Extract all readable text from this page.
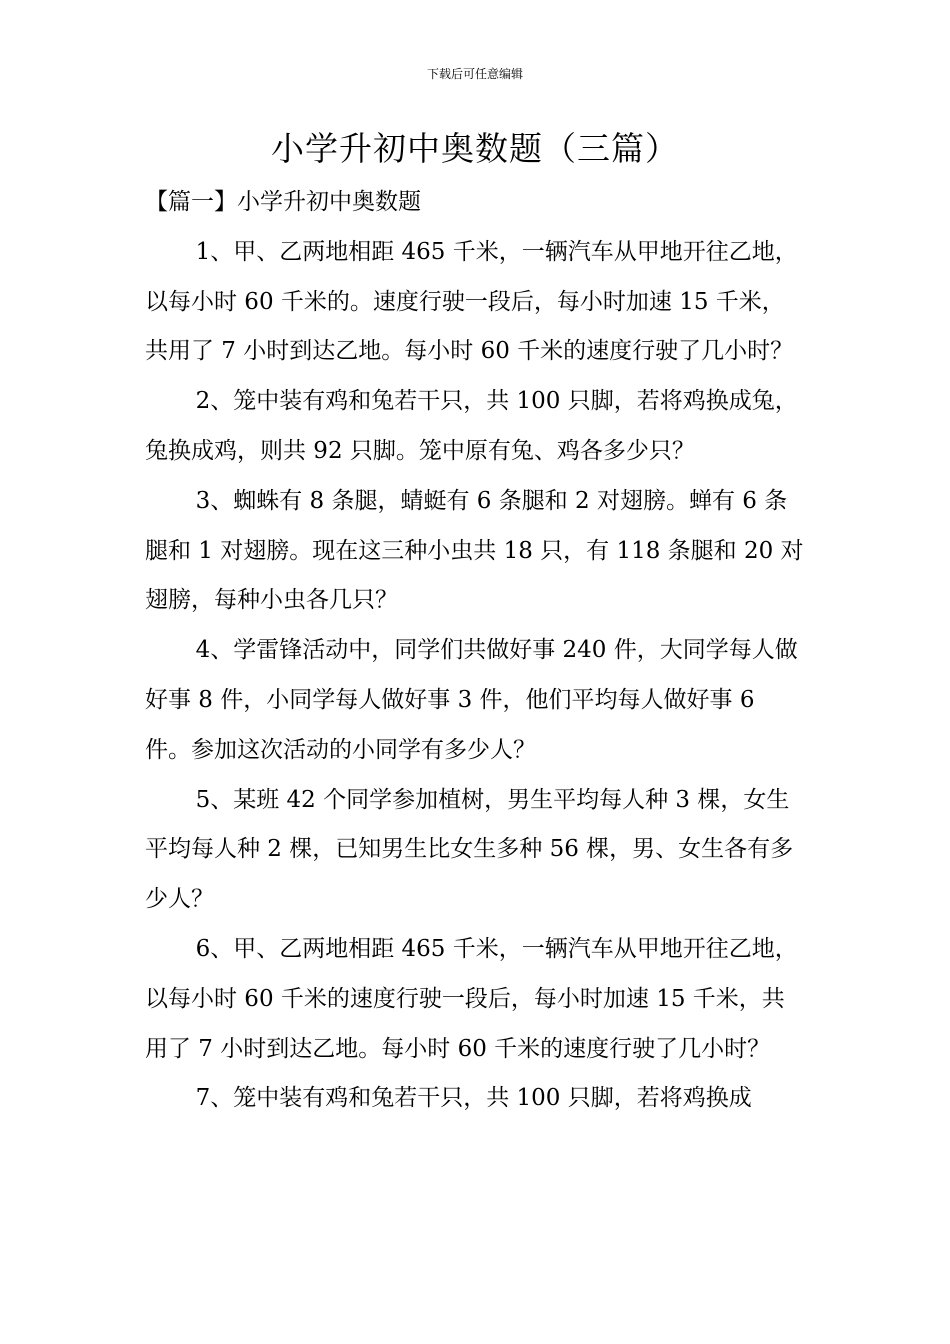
下载后可任意编辑
小学升初中奥数题（三篇）

【篇一】小学升初中奥数题

1、甲、乙两地相距 465 千米，一辆汽车从甲地开往乙地，以每小时 60 千米的。速度行驶一段后，每小时加速 15 千米，共用了 7 小时到达乙地。每小时 60 千米的速度行驶了几小时？

2、笼中装有鸡和兔若干只，共 100 只脚，若将鸡换成兔，兔换成鸡，则共 92 只脚。笼中原有兔、鸡各多少只？

3、蜘蛛有 8 条腿，蜻蜓有 6 条腿和 2 对翅膀。蝉有 6 条腿和 1 对翅膀。现在这三种小虫共 18 只，有 118 条腿和 20 对翅膀，每种小虫各几只？

4、学雷锋活动中，同学们共做好事 240 件，大同学每人做好事 8 件，小同学每人做好事 3 件，他们平均每人做好事 6 件。参加这次活动的小同学有多少人？

5、某班 42 个同学参加植树，男生平均每人种 3 棵，女生平均每人种 2 棵，已知男生比女生多种 56 棵，男、女生各有多少人？

6、甲、乙两地相距 465 千米，一辆汽车从甲地开往乙地，以每小时 60 千米的速度行驶一段后，每小时加速 15 千米，共用了 7 小时到达乙地。每小时 60 千米的速度行驶了几小时？

7、笼中装有鸡和兔若干只，共 100 只脚，若将鸡换成
